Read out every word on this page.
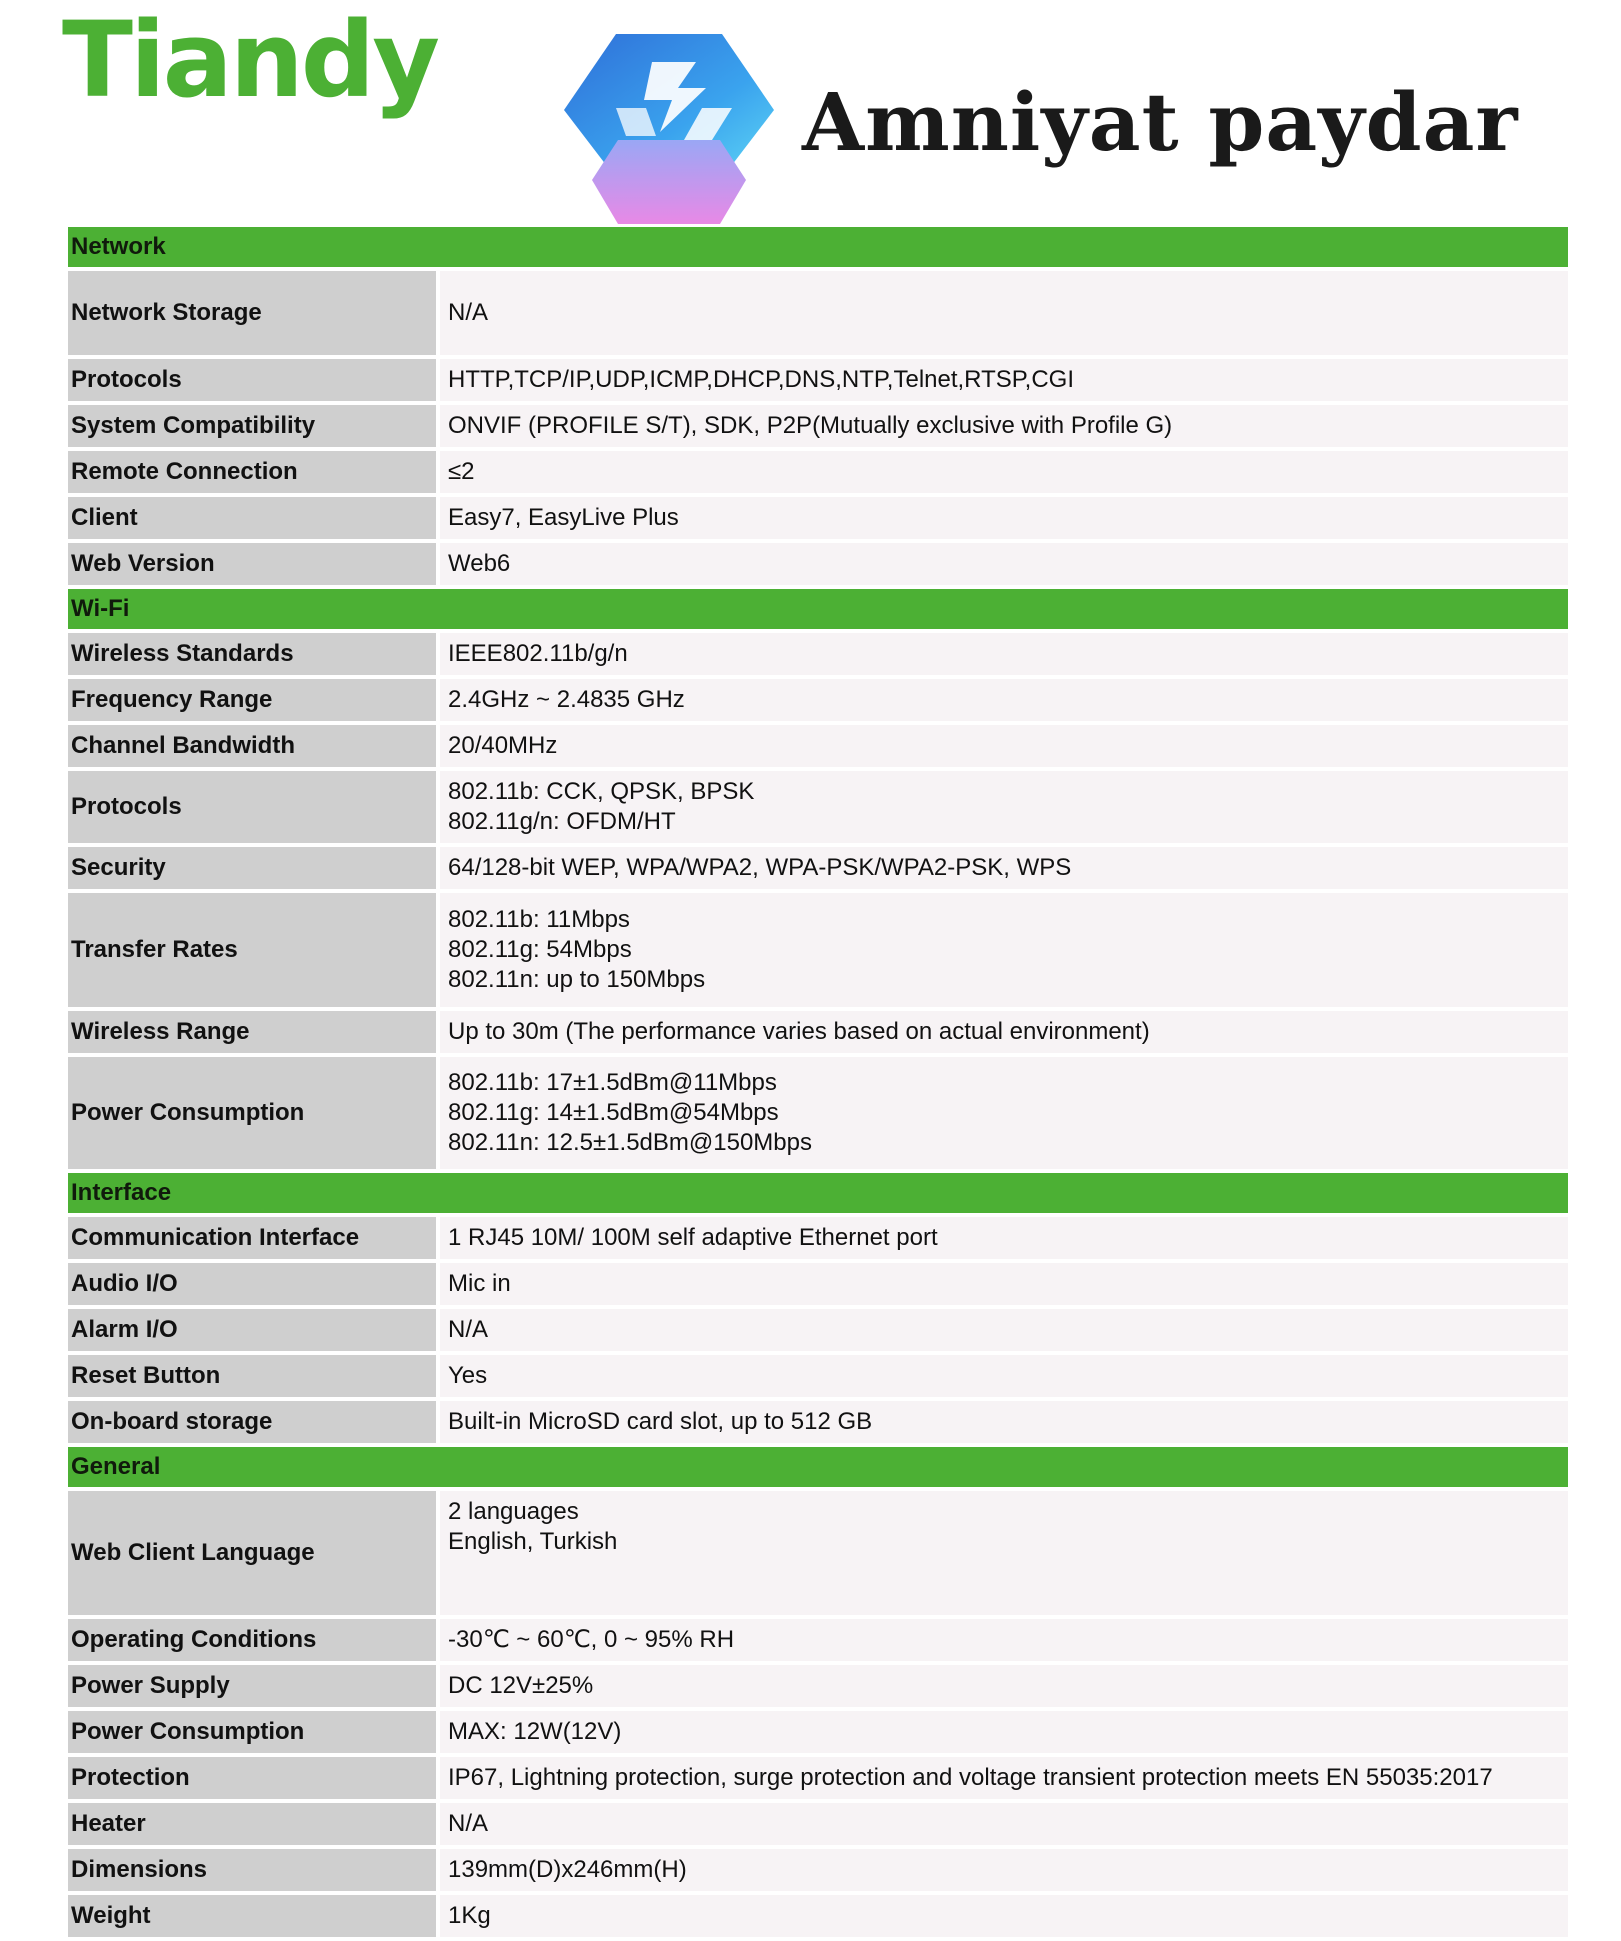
Tiandy
Amniyat paydar
Network	
Network Storage	N/A

Protocols	HTTP,TCP/IP,UDP,ICMP,DHCP,DNS,NTP,Telnet,RTSP,CGI

System Compatibility	ONVIF (PROFILE S/T), SDK, P2P(Mutually exclusive with Profile G)

Remote Connection	≤2

Client	Easy7, EasyLive Plus

Web Version	Web6

Wi-Fi	
Wireless Standards	IEEE802.11b/g/n

Frequency Range	2.4GHz ~ 2.4835 GHz

Channel Bandwidth	20/40MHz

Protocols	802.11b: CCK, QPSK, BPSK
802.11g/n: OFDM/HT

Security	64/128-bit WEP, WPA/WPA2, WPA-PSK/WPA2-PSK, WPS

Transfer Rates	802.11b: 11Mbps
802.11g: 54Mbps
802.11n: up to 150Mbps

Wireless Range	Up to 30m (The performance varies based on actual environment)

Power Consumption	802.11b: 17±1.5dBm@11Mbps
802.11g: 14±1.5dBm@54Mbps
802.11n: 12.5±1.5dBm@150Mbps

Interface	
Communication Interface	1 RJ45 10M/ 100M self adaptive Ethernet port

Audio I/O	Mic in

Alarm I/O	N/A

Reset Button	Yes

On-board storage	Built-in MicroSD card slot, up to 512 GB

General	
Web Client Language	2 languages
English, Turkish

Operating Conditions	-30℃ ~ 60℃, 0 ~ 95% RH

Power Supply	DC 12V±25%

Power Consumption	MAX: 12W(12V)

Protection	IP67, Lightning protection, surge protection and voltage transient protection meets EN 55035:2017

Heater	N/A

Dimensions	139mm(D)x246mm(H)

Weight	1Kg
